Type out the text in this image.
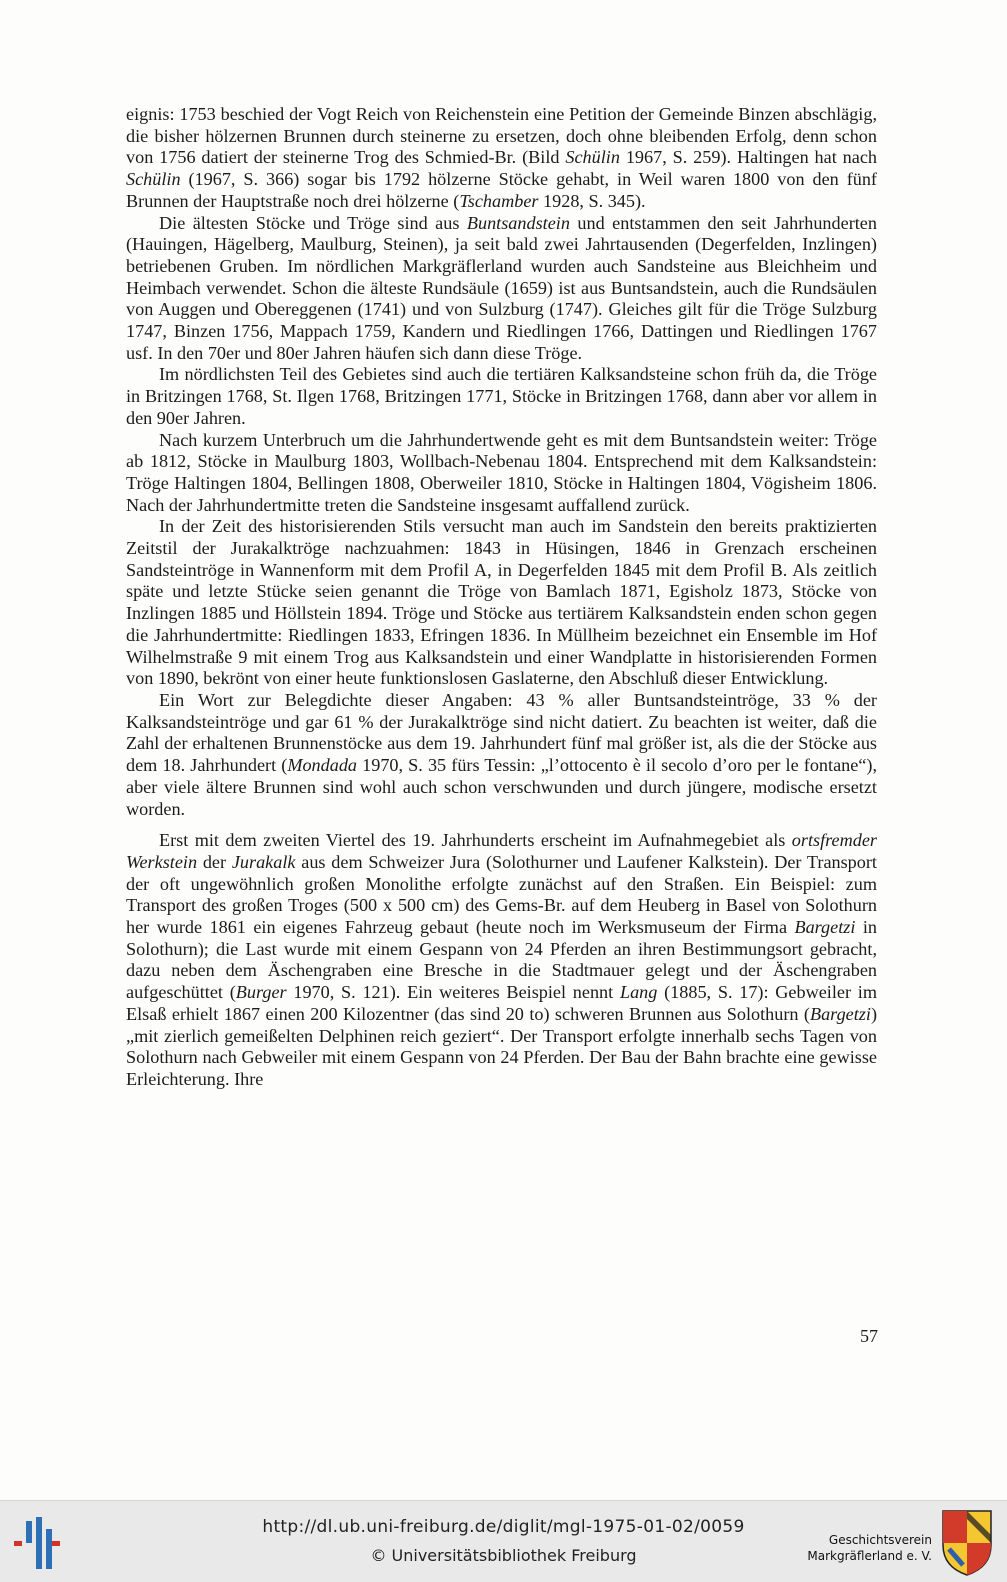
eignis: 1753 beschied der Vogt Reich von Reichenstein eine Petition der Gemeinde Binzen abschlägig, die bisher hölzernen Brunnen durch steinerne zu ersetzen, doch ohne bleibenden Erfolg, denn schon von 1756 datiert der steinerne Trog des Schmied-Br. (Bild Schülin 1967, S. 259). Haltingen hat nach Schülin (1967, S. 366) sogar bis 1792 hölzerne Stöcke gehabt, in Weil waren 1800 von den fünf Brunnen der Hauptstraße noch drei hölzerne (Tschamber 1928, S. 345).

Die ältesten Stöcke und Tröge sind aus Buntsandstein und entstammen den seit Jahrhunderten (Hauingen, Hägelberg, Maulburg, Steinen), ja seit bald zwei Jahrtausenden (Degerfelden, Inzlingen) betriebenen Gruben. Im nördlichen Markgräflerland wurden auch Sandsteine aus Bleichheim und Heimbach verwendet. Schon die älteste Rundsäule (1659) ist aus Buntsandstein, auch die Rundsäulen von Auggen und Obereggenen (1741) und von Sulzburg (1747). Gleiches gilt für die Tröge Sulzburg 1747, Binzen 1756, Mappach 1759, Kandern und Riedlingen 1766, Dattingen und Riedlingen 1767 usf. In den 70er und 80er Jahren häufen sich dann diese Tröge.

Im nördlichsten Teil des Gebietes sind auch die tertiären Kalksandsteine schon früh da, die Tröge in Britzingen 1768, St. Ilgen 1768, Britzingen 1771, Stöcke in Britzingen 1768, dann aber vor allem in den 90er Jahren.

Nach kurzem Unterbruch um die Jahrhundertwende geht es mit dem Buntsandstein weiter: Tröge ab 1812, Stöcke in Maulburg 1803, Wollbach-Nebenau 1804. Entsprechend mit dem Kalksandstein: Tröge Haltingen 1804, Bellingen 1808, Oberweiler 1810, Stöcke in Haltingen 1804, Vögisheim 1806. Nach der Jahrhundertmitte treten die Sandsteine insgesamt auffallend zurück.

In der Zeit des historisierenden Stils versucht man auch im Sandstein den bereits praktizierten Zeitstil der Jurakalktröge nachzuahmen: 1843 in Hüsingen, 1846 in Grenzach erscheinen Sandsteintröge in Wannenform mit dem Profil A, in Degerfelden 1845 mit dem Profil B. Als zeitlich späte und letzte Stücke seien genannt die Tröge von Bamlach 1871, Egisholz 1873, Stöcke von Inzlingen 1885 und Höllstein 1894. Tröge und Stöcke aus tertiärem Kalksandstein enden schon gegen die Jahrhundertmitte: Riedlingen 1833, Efringen 1836. In Müllheim bezeichnet ein Ensemble im Hof Wilhelmstraße 9 mit einem Trog aus Kalksandstein und einer Wandplatte in historisierenden Formen von 1890, bekrönt von einer heute funktionslosen Gaslaterne, den Abschluß dieser Entwicklung.

Ein Wort zur Belegdichte dieser Angaben: 43 % aller Buntsandsteintröge, 33 % der Kalksandsteintröge und gar 61 % der Jurakalktröge sind nicht datiert. Zu beachten ist weiter, daß die Zahl der erhaltenen Brunnenstöcke aus dem 19. Jahrhundert fünf mal größer ist, als die der Stöcke aus dem 18. Jahrhundert (Mondada 1970, S. 35 fürs Tessin: „l’ottocento è il secolo d’oro per le fontane“), aber viele ältere Brunnen sind wohl auch schon verschwunden und durch jüngere, modische ersetzt worden.

Erst mit dem zweiten Viertel des 19. Jahrhunderts erscheint im Aufnahmegebiet als ortsfremder Werkstein der Jurakalk aus dem Schweizer Jura (Solothurner und Laufener Kalkstein). Der Transport der oft ungewöhnlich großen Monolithe erfolgte zunächst auf den Straßen. Ein Beispiel: zum Transport des großen Troges (500 x 500 cm) des Gems-Br. auf dem Heuberg in Basel von Solothurn her wurde 1861 ein eigenes Fahrzeug gebaut (heute noch im Werksmuseum der Firma Bargetzi in Solothurn); die Last wurde mit einem Gespann von 24 Pferden an ihren Bestimmungsort gebracht, dazu neben dem Äschengraben eine Bresche in die Stadtmauer gelegt und der Äschengraben aufgeschüttet (Burger 1970, S. 121). Ein weiteres Beispiel nennt Lang (1885, S. 17): Gebweiler im Elsaß erhielt 1867 einen 200 Kilozentner (das sind 20 to) schweren Brunnen aus Solothurn (Bargetzi) „mit zierlich gemeißelten Delphinen reich geziert“. Der Transport erfolgte innerhalb sechs Tagen von Solothurn nach Gebweiler mit einem Gespann von 24 Pferden. Der Bau der Bahn brachte eine gewisse Erleichterung. Ihre

57
http://dl.ub.uni-freiburg.de/diglit/mgl-1975-01-02/0059
© Universitätsbibliothek Freiburg
Geschichtsverein
Markgräflerland e. V.
